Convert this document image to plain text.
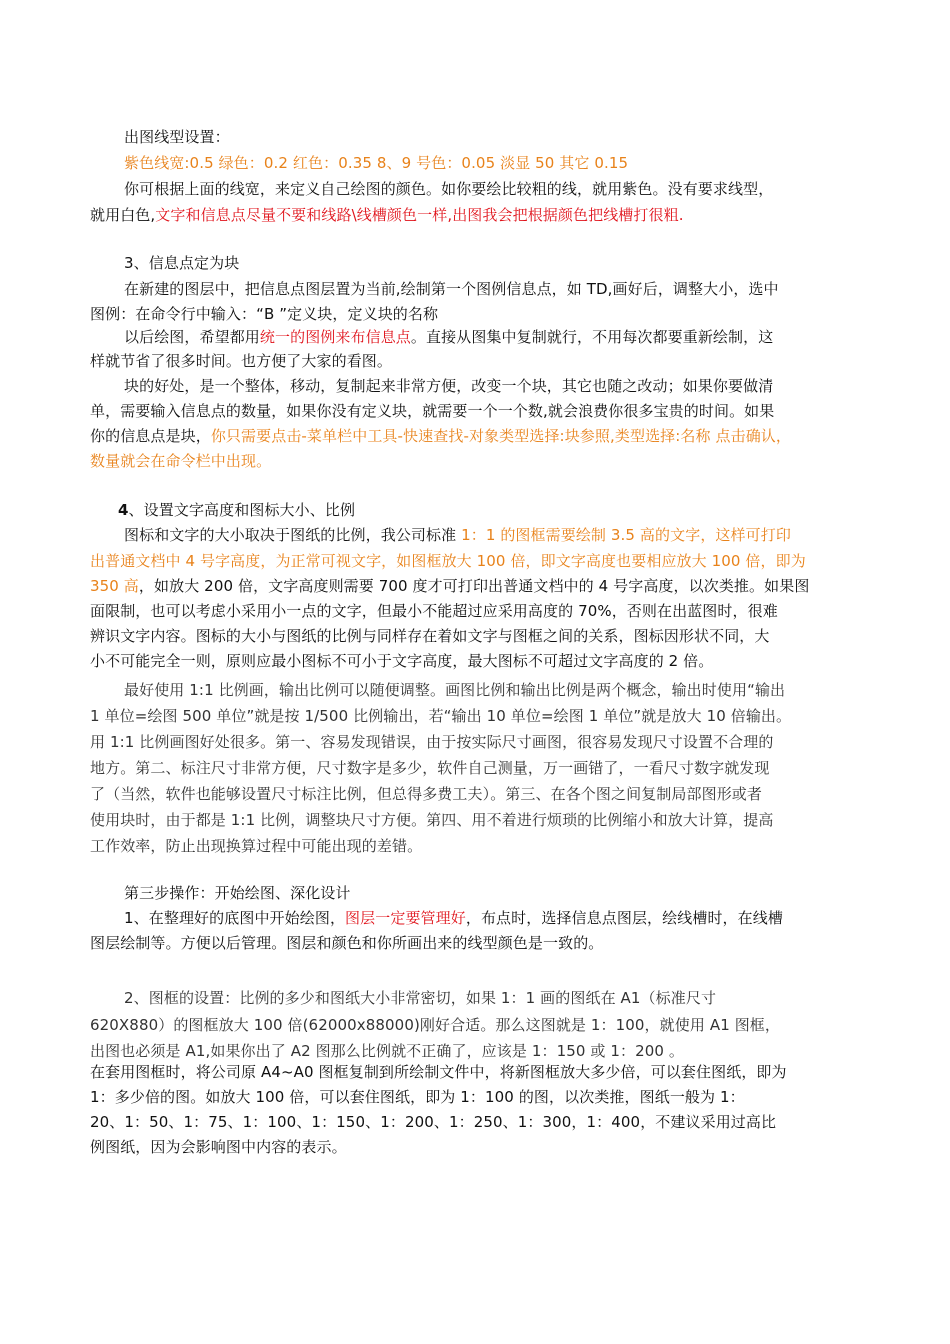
出图线型设置：
紫色线宽:0.5 绿色：0.2 红色：0.35 8、9 号色：0.05 淡显 50 其它 0.15
你可根据上面的线宽，来定义自己绘图的颜色。如你要绘比较粗的线，就用紫色。没有要求线型，
就用白色,文字和信息点尽量不要和线路\线槽颜色一样,出图我会把根据颜色把线槽打很粗.
3、信息点定为块
在新建的图层中，把信息点图层置为当前,绘制第一个图例信息点，如 TD,画好后，调整大小，选中
图例：在命令行中输入：“B ”定义块，定义块的名称
以后绘图，希望都用统一的图例来布信息点。直接从图集中复制就行，不用每次都要重新绘制，这
样就节省了很多时间。也方便了大家的看图。
块的好处，是一个整体，移动，复制起来非常方便，改变一个块，其它也随之改动；如果你要做清
单，需要输入信息点的数量，如果你没有定义块，就需要一个一个数,就会浪费你很多宝贵的时间。如果
你的信息点是块，你只需要点击-菜单栏中工具-快速查找-对象类型选择:块参照,类型选择:名称 点击确认，
数量就会在命令栏中出现。
4、设置文字高度和图标大小、比例
图标和文字的大小取决于图纸的比例，我公司标准 1：1 的图框需要绘制 3.5 高的文字，这样可打印
出普通文档中 4 号字高度，为正常可视文字，如图框放大 100 倍，即文字高度也要相应放大 100 倍，即为
350 高，如放大 200 倍，文字高度则需要 700 度才可打印出普通文档中的 4 号字高度，以次类推。如果图
面限制，也可以考虑小采用小一点的文字，但最小不能超过应采用高度的 70%，否则在出蓝图时，很难
辨识文字内容。图标的大小与图纸的比例与同样存在着如文字与图框之间的关系，图标因形状不同，大
小不可能完全一则，原则应最小图标不可小于文字高度，最大图标不可超过文字高度的 2 倍。
最好使用 1:1 比例画，输出比例可以随便调整。画图比例和输出比例是两个概念，输出时使用“输出
1 单位=绘图 500 单位”就是按 1/500 比例输出，若“输出 10 单位=绘图 1 单位”就是放大 10 倍输出。
用 1:1 比例画图好处很多。第一、容易发现错误，由于按实际尺寸画图，很容易发现尺寸设置不合理的
地方。第二、标注尺寸非常方便，尺寸数字是多少，软件自己测量，万一画错了，一看尺寸数字就发现
了（当然，软件也能够设置尺寸标注比例，但总得多费工夫）。第三、在各个图之间复制局部图形或者
使用块时，由于都是 1:1 比例，调整块尺寸方便。第四、用不着进行烦琐的比例缩小和放大计算，提高
工作效率，防止出现换算过程中可能出现的差错。
第三步操作：开始绘图、深化设计
1、在整理好的底图中开始绘图，图层一定要管理好，布点时，选择信息点图层，绘线槽时，在线槽
图层绘制等。方便以后管理。图层和颜色和你所画出来的线型颜色是一致的。
2、图框的设置：比例的多少和图纸大小非常密切，如果 1：1 画的图纸在 A1（标准尺寸
620X880）的图框放大 100 倍(62000x88000)刚好合适。那么这图就是 1：100，就使用 A1 图框，
出图也必须是 A1,如果你出了 A2 图那么比例就不正确了，应该是 1：150 或 1：200 。
在套用图框时，将公司原 A4~A0 图框复制到所绘制文件中，将新图框放大多少倍，可以套住图纸，即为
1：多少倍的图。如放大 100 倍，可以套住图纸，即为 1：100 的图，以次类推，图纸一般为 1：
20、1：50、1：75、1：100、1：150、1：200、1：250、1：300，1：400，不建议采用过高比
例图纸，因为会影响图中内容的表示。
